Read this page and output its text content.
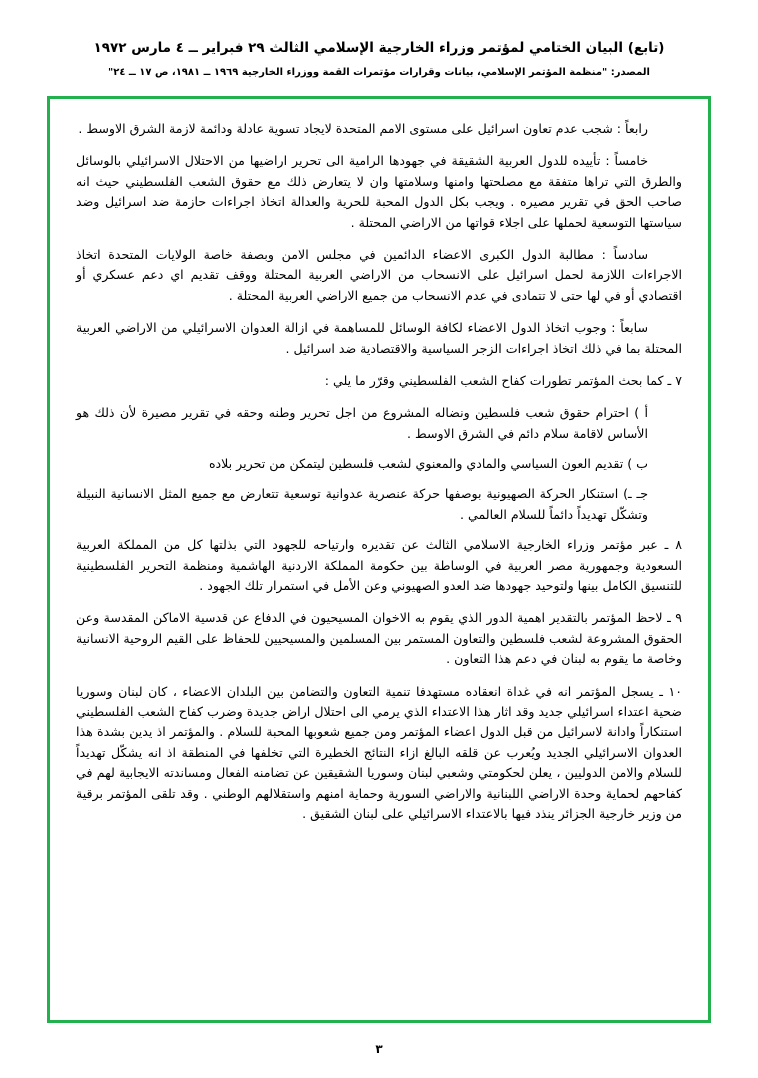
(تابع) البيان الختامي لمؤتمر وزراء الخارجية الإسلامي الثالث ٢٩ فبراير ــ ٤ مارس ١٩٧٢
المصدر: "منظمة المؤتمر الإسلامي، بيانات وقرارات مؤتمرات القمة ووزراء الخارجية ١٩٦٩ ــ ١٩٨١، ص ١٧ ــ ٢٤"

رابعاً : شجب عدم تعاون اسرائيل على مستوى الامم المتحدة لايجاد تسوية عادلة ودائمة لازمة الشرق الاوسط .

خامساً : تأييده للدول العربية الشقيقة في جهودها الرامية الى تحرير اراضيها من الاحتلال الاسرائيلي بالوسائل والطرق التي تراها متفقة مع مصلحتها وامنها وسلامتها وان لا يتعارض ذلك مع حقوق الشعب الفلسطيني حيث انه صاحب الحق في تقرير مصيره . ويجب بكل الدول المحبة للحرية والعدالة اتخاذ اجراءات حازمة ضد اسرائيل وضد سياستها التوسعية لحملها على اجلاء قواتها من الاراضي المحتلة .

سادساً : مطالبة الدول الكبرى الاعضاء الدائمين في مجلس الامن وبصفة خاصة الولايات المتحدة اتخاذ الاجراءات اللازمة لحمل اسرائيل على الانسحاب من الاراضي العربية المحتلة ووقف تقديم اي دعم عسكري أو اقتصادي أو في لها حتى لا تتمادى في عدم الانسحاب من جميع الاراضي العربية المحتلة .

سابعاً : وجوب اتخاذ الدول الاعضاء لكافة الوسائل للمساهمة في ازالة العدوان الاسرائيلي من الاراضي العربية المحتلة بما في ذلك اتخاذ اجراءات الزجر السياسية والاقتصادية ضد اسرائيل .

٧ ـ كما بحث المؤتمر تطورات كفاح الشعب الفلسطيني وقرّر ما يلي :

أ ) احترام حقوق شعب فلسطين ونضاله المشروع من اجل تحرير وطنه وحقه في تقرير مصيرة لأن ذلك هو الأساس لاقامة سلام دائم في الشرق الاوسط .

ب ) تقديم العون السياسي والمادي والمعنوي لشعب فلسطين ليتمكن من تحرير بلاده

جـ ـ) استنكار الحركة الصهيونية بوصفها حركة عنصرية عدوانية توسعية تتعارض مع جميع المثل الانسانية النبيلة وتشكّل تهديداً دائماً للسلام العالمي .

٨ ـ عبر مؤتمر وزراء الخارجية الاسلامي الثالث عن تقديره وارتياحه للجهود التي بذلتها كل من المملكة العربية السعودية وجمهورية مصر العربية في الوساطة بين حكومة المملكة الاردنية الهاشمية ومنظمة التحرير الفلسطينية للتنسيق الكامل بينها ولتوحيد جهودها ضد العدو الصهيوني وعن الأمل في استمرار تلك الجهود .

٩ ـ لاحظ المؤتمر بالتقدير اهمية الدور الذي يقوم به الاخوان المسيحيون في الدفاع عن قدسية الاماكن المقدسة وعن الحقوق المشروعة لشعب فلسطين والتعاون المستمر بين المسلمين والمسيحيين للحفاظ على القيم الروحية الانسانية وخاصة ما يقوم به لبنان في دعم هذا التعاون .

١٠ ـ يسجل المؤتمر انه في غداة انعقاده مستهدفا تنمية التعاون والتضامن بين البلدان الاعضاء ، كان لبنان وسوريا ضحية اعتداء اسرائيلي جديد وقد اثار هذا الاعتداء الذي يرمي الى احتلال اراض جديدة وضرب كفاح الشعب الفلسطيني استنكاراً وادانة لاسرائيل من قبل الدول اعضاء المؤتمر ومن جميع شعوبها المحبة للسلام . والمؤتمر اذ يدين بشدة هذا العدوان الاسرائيلي الجديد ويُعرب عن قلقه البالغ ازاء النتائج الخطيرة التي تخلفها في المنطقة اذ انه يشكّل تهديداً للسلام والامن الدوليين ، يعلن لحكومتي وشعبي لبنان وسوريا الشقيقين عن تضامنه الفعال ومساندته الايجابية لهم في كفاحهم لحماية وحدة الاراضي اللبنانية والاراضي السورية وحماية امنهم واستقلالهم الوطني . وقد تلقى المؤتمر برقية من وزير خارجية الجزائر ينذد فيها بالاعتداء الاسرائيلي على لبنان الشقيق .

٣
